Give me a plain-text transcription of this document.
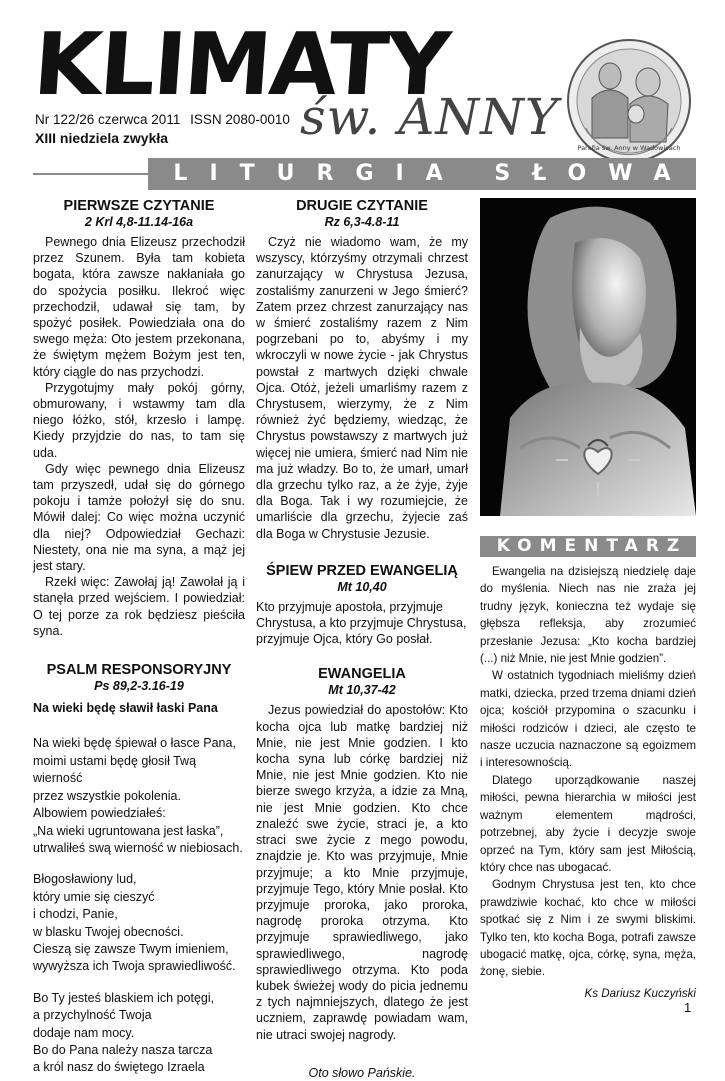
KLIMATY
św. ANNY
Nr 122/26 czerwca 2011 ISSN 2080-0010
XIII niedziela zwykła
Parafia św. Anny w Wadowicach
LITURGIA SŁOWA
PIERWSZE CZYTANIE
2 Krl 4,8-11.14-16a

Pewnego dnia Elizeusz przechodził przez Szunem. Była tam kobieta bogata, która zawsze nakłaniała go do spożycia posiłku. Ilekroć więc przechodził, udawał się tam, by spożyć posiłek. Powiedziała ona do swego męża: Oto jestem przekonana, że świętym mężem Bożym jest ten, który ciągle do nas przychodzi.

Przygotujmy mały pokój górny, obmurowany, i wstawmy tam dla niego łóżko, stół, krzesło i lampę. Kiedy przyjdzie do nas, to tam się uda.

Gdy więc pewnego dnia Elizeusz tam przyszedł, udał się do górnego pokoju i tamże położył się do snu. Mówił dalej: Co więc można uczynić dla niej? Odpowiedział Gechazi: Niestety, ona nie ma syna, a mąż jej jest stary.

Rzekł więc: Zawołaj ją! Zawołał ją i stanęła przed wejściem. I powiedział: O tej porze za rok będziesz pieściła syna.

PSALM RESPONSORYJNY
Ps 89,2-3.16-19

Na wieki będę sławił łaski Pana

Na wieki będę śpiewał o łasce Pana,

moimi ustami będę głosił Twą wierność

przez wszystkie pokolenia.

Albowiem powiedziałeś:

„Na wieki ugruntowana jest łaska”,

utrwaliłeś swą wierność w niebiosach.

Błogosławiony lud,

który umie się cieszyć

i chodzi, Panie,

w blasku Twojej obecności.

Cieszą się zawsze Twym imieniem,

wywyższa ich Twoja sprawiedliwość.

Bo Ty jesteś blaskiem ich potęgi,

a przychylność Twoja

dodaje nam mocy.

Bo do Pana należy nasza tarcza

a król nasz do świętego Izraela

DRUGIE CZYTANIE
Rz 6,3-4.8-11

Czyż nie wiadomo wam, że my wszyscy, którzyśmy otrzymali chrzest zanurzający w Chrystusa Jezusa, zostaliśmy zanurzeni w Jego śmierć? Zatem przez chrzest zanurzający nas w śmierć zostaliśmy razem z Nim pogrzebani po to, abyśmy i my wkroczyli w nowe życie - jak Chrystus powstał z martwych dzięki chwale Ojca. Otóż, jeżeli umarliśmy razem z Chrystusem, wierzymy, że z Nim również żyć będziemy, wiedząc, że Chrystus powstawszy z martwych już więcej nie umiera, śmierć nad Nim nie ma już władzy. Bo to, że umarł, umarł dla grzechu tylko raz, a że żyje, żyje dla Boga. Tak i wy rozumiejcie, że umarliście dla grzechu, żyjecie zaś dla Boga w Chrystusie Jezusie.

ŚPIEW PRZED EWANGELIĄ
Mt 10,40

Kto przyjmuje apostoła, przyjmuje Chrystusa, a kto przyjmuje Chrystusa, przyjmuje Ojca, który Go posłał.

EWANGELIA
Mt 10,37-42

Jezus powiedział do apostołów: Kto kocha ojca lub matkę bardziej niż Mnie, nie jest Mnie godzien. I kto kocha syna lub córkę bardziej niż Mnie, nie jest Mnie godzien. Kto nie bierze swego krzyża, a idzie za Mną, nie jest Mnie godzien. Kto chce znaleźć swe życie, straci je, a kto straci swe życie z mego powodu, znajdzie je. Kto was przyjmuje, Mnie przyjmuje; a kto Mnie przyjmuje, przyjmuje Tego, który Mnie posłał. Kto przyjmuje proroka, jako proroka, nagrodę proroka otrzyma. Kto przyjmuje sprawiedliwego, jako sprawiedliwego, nagrodę sprawiedliwego otrzyma. Kto poda kubek świeżej wody do picia jednemu z tych najmniejszych, dlatego że jest uczniem, zaprawdę powiadam wam, nie utraci swojej nagrody.

Oto słowo Pańskie.

KOMENTARZ

Ewangelia na dzisiejszą niedzielę daje do myślenia. Niech nas nie zraża jej trudny język, konieczna też wydaje się głębsza refleksja, aby zrozumieć przesłanie Jezusa: „Kto kocha bardziej (...) niż Mnie, nie jest Mnie godzien”.

W ostatnich tygodniach mieliśmy dzień matki, dziecka, przed trzema dniami dzień ojca; kościół przypomina o szacunku i miłości rodziców i dzieci, ale często te nasze uczucia naznaczone są egoizmem i interesownością.

Dlatego uporządkowanie naszej miłości, pewna hierarchia w miłości jest ważnym elementem mądrości, potrzebnej, aby życie i decyzje swoje oprzeć na Tym, który sam jest Miłością, który chce nas ubogacać.

Godnym Chrystusa jest ten, kto chce prawdziwie kochać, kto chce w miłości spotkać się z Nim i ze swymi bliskimi. Tylko ten, kto kocha Boga, potrafi zawsze ubogacić matkę, ojca, córkę, syna, męża, żonę, siebie.

Ks Dariusz Kuczyński

1
